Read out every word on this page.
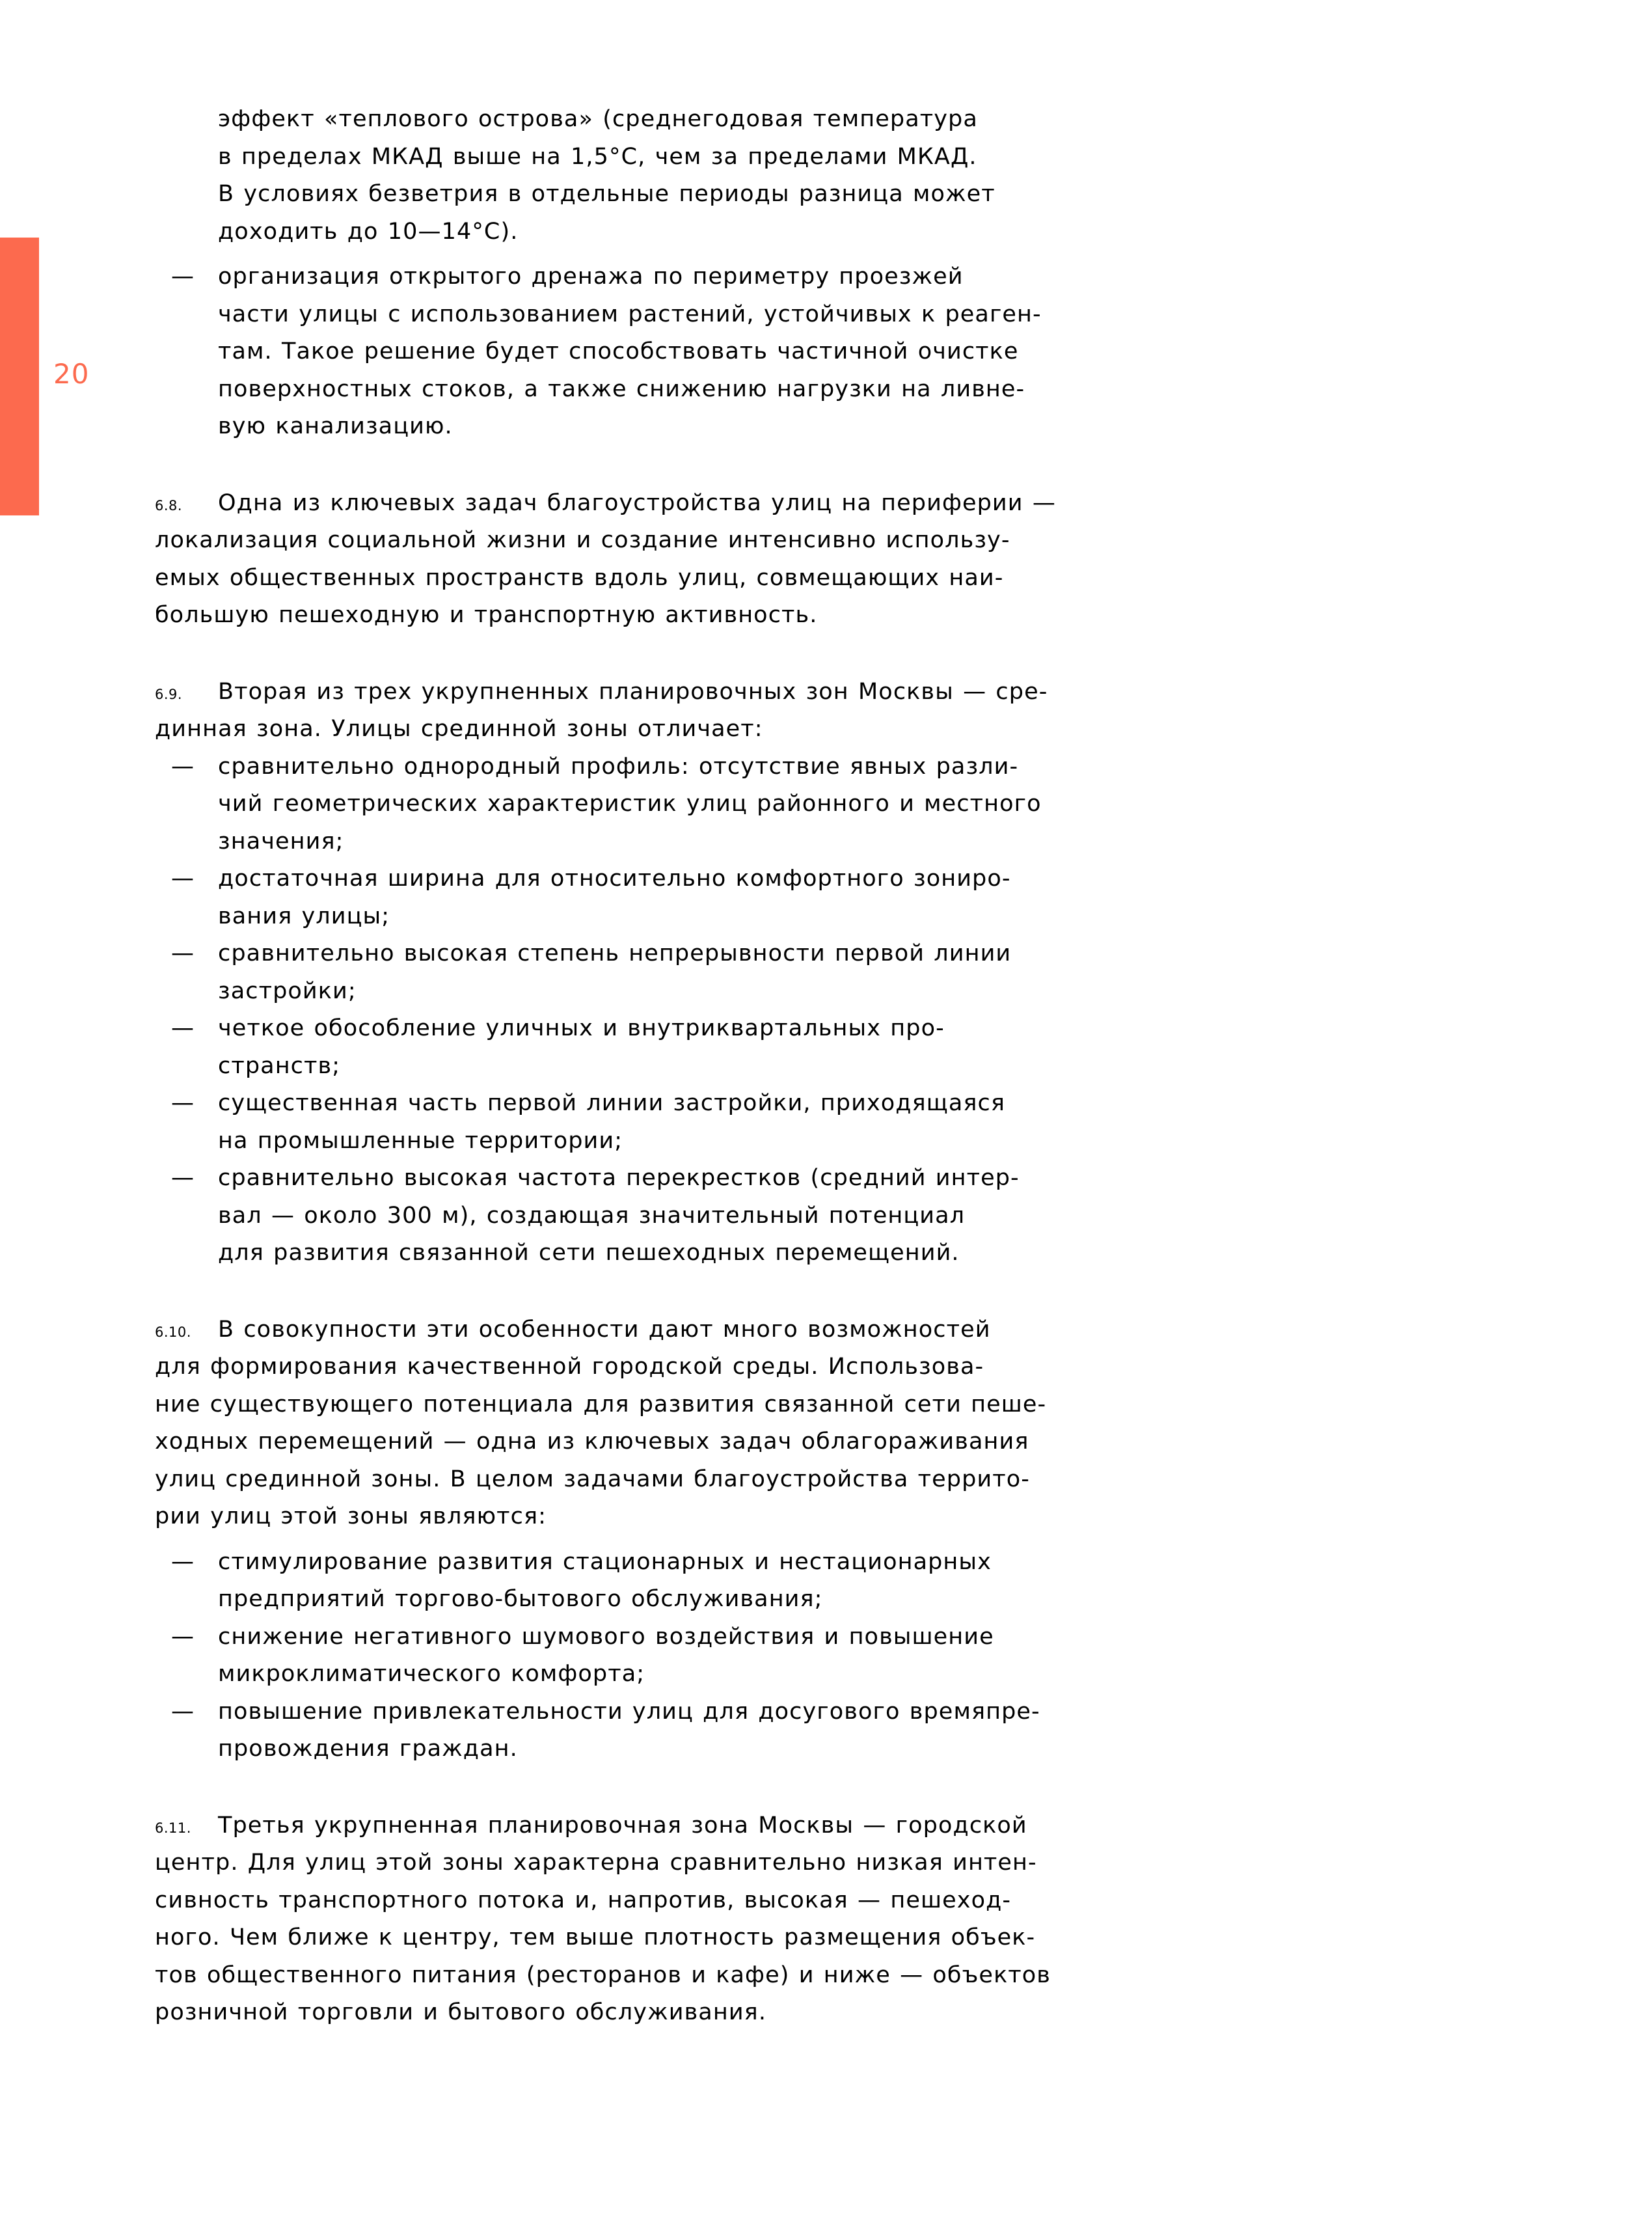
20
эффект «теплового острова» (среднегодовая температура
в пределах МКАД выше на 1,5°С, чем за пределами МКАД.
В условиях безветрия в отдельные периоды разница может
доходить до 10—14°С).
— организация открытого дренажа по периметру проезжей
части улицы с использованием растений, устойчивых к реаген-
там. Такое решение будет способствовать частичной очистке
поверхностных стоков, а также снижению нагрузки на ливне-
вую канализацию.
6.8. Одна из ключевых задач благоустройства улиц на периферии —
локализация социальной жизни и создание интенсивно использу-
емых общественных пространств вдоль улиц, совмещающих наи-
большую пешеходную и транспортную активность.
6.9. Вторая из трех укрупненных планировочных зон Москвы — сре-
динная зона. Улицы срединной зоны отличает:
— сравнительно однородный профиль: отсутствие явных разли-
чий геометрических характеристик улиц районного и местного
значения;
— достаточная ширина для относительно комфортного зониро-
вания улицы;
— сравнительно высокая степень непрерывности первой линии
застройки;
— четкое обособление уличных и внутриквартальных про-
странств;
— существенная часть первой линии застройки, приходящаяся
на промышленные территории;
— сравнительно высокая частота перекрестков (средний интер-
вал — около 300 м), создающая значительный потенциал
для развития связанной сети пешеходных перемещений.
6.10. В совокупности эти особенности дают много возможностей
для формирования качественной городской среды. Использова-
ние существующего потенциала для развития связанной сети пеше-
ходных перемещений — одна из ключевых задач облагораживания
улиц срединной зоны. В целом задачами благоустройства террито-
рии улиц этой зоны являются:
— стимулирование развития стационарных и нестационарных
предприятий торгово-бытового обслуживания;
— снижение негативного шумового воздействия и повышение
микроклиматического комфорта;
— повышение привлекательности улиц для досугового времяпре-
провождения граждан.
6.11. Третья укрупненная планировочная зона Москвы — городской
центр. Для улиц этой зоны характерна сравнительно низкая интен-
сивность транспортного потока и, напротив, высокая — пешеход-
ного. Чем ближе к центру, тем выше плотность размещения объек-
тов общественного питания (ресторанов и кафе) и ниже — объектов
розничной торговли и бытового обслуживания.
